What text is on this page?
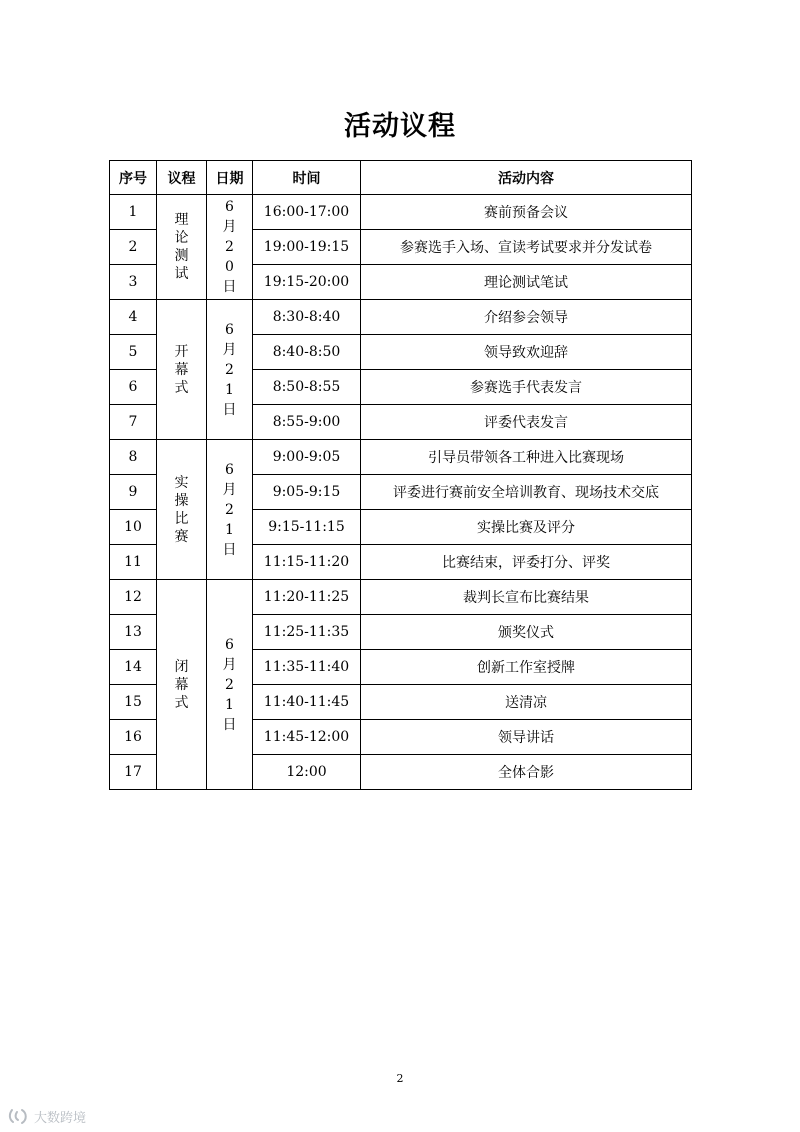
活动议程
序号	议程	日期	时间	活动内容
1	理论测试	6月20日	16:00-17:00	赛前预备会议
2			19:00-19:15	参赛选手入场、宣读考试要求并分发试卷
3			19:15-20:00	理论测试笔试
4	开幕式	6月21日	8:30-8:40	介绍参会领导
5			8:40-8:50	领导致欢迎辞
6			8:50-8:55	参赛选手代表发言
7			8:55-9:00	评委代表发言
8	实操比赛	6月21日	9:00-9:05	引导员带领各工种进入比赛现场
9			9:05-9:15	评委进行赛前安全培训教育、现场技术交底
10			9:15-11:15	实操比赛及评分
11			11:15-11:20	比赛结束，评委打分、评奖
12	闭幕式	6月21日	11:20-11:25	裁判长宣布比赛结果
13			11:25-11:35	颁奖仪式
14			11:35-11:40	创新工作室授牌
15			11:40-11:45	送清凉
16			11:45-12:00	领导讲话
17			12:00	全体合影
2
大数跨境
